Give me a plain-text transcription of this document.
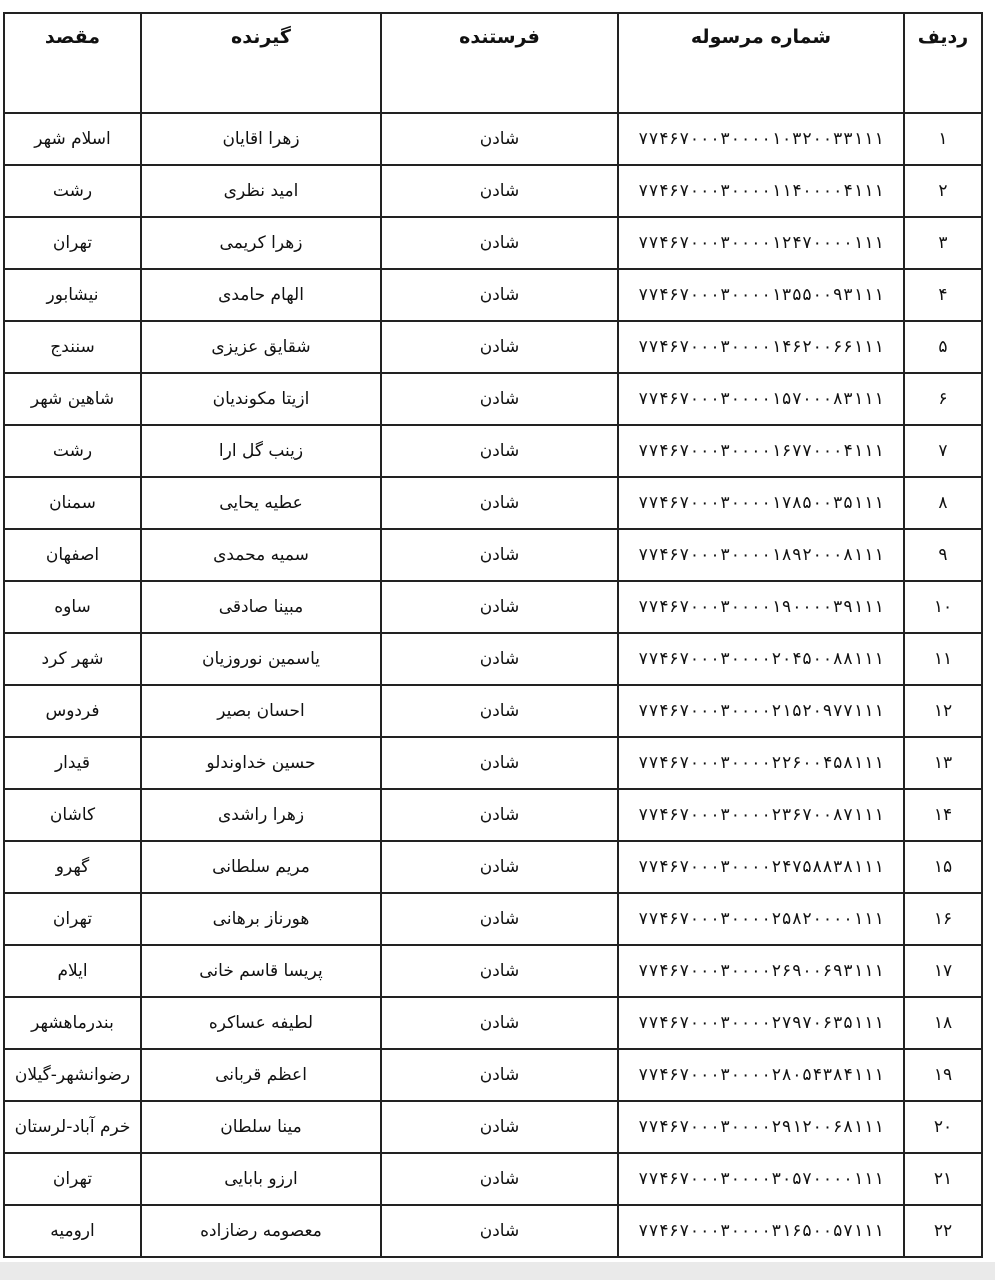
ردیف	شماره مرسوله	فرستنده	گیرنده	مقصد
۱	۷۷۴۶۷۰۰۰۳۰۰۰۰۱۰۳۲۰۰۳۳۱۱۱	شادن	زهرا اقایان	اسلام شهر
۲	۷۷۴۶۷۰۰۰۳۰۰۰۰۱۱۴۰۰۰۰۴۱۱۱	شادن	امید نظری	رشت
۳	۷۷۴۶۷۰۰۰۳۰۰۰۰۱۲۴۷۰۰۰۰۱۱۱	شادن	زهرا کریمی	تهران
۴	۷۷۴۶۷۰۰۰۳۰۰۰۰۱۳۵۵۰۰۹۳۱۱۱	شادن	الهام حامدی	نیشابور
۵	۷۷۴۶۷۰۰۰۳۰۰۰۰۱۴۶۲۰۰۶۶۱۱۱	شادن	شقایق عزیزی	سنندج
۶	۷۷۴۶۷۰۰۰۳۰۰۰۰۱۵۷۰۰۰۸۳۱۱۱	شادن	ازیتا مکوندیان	شاهین شهر
۷	۷۷۴۶۷۰۰۰۳۰۰۰۰۱۶۷۷۰۰۰۴۱۱۱	شادن	زینب گل ارا	رشت
۸	۷۷۴۶۷۰۰۰۳۰۰۰۰۱۷۸۵۰۰۳۵۱۱۱	شادن	عطیه یحایی	سمنان
۹	۷۷۴۶۷۰۰۰۳۰۰۰۰۱۸۹۲۰۰۰۸۱۱۱	شادن	سمیه محمدی	اصفهان
۱۰	۷۷۴۶۷۰۰۰۳۰۰۰۰۱۹۰۰۰۰۳۹۱۱۱	شادن	مبینا صادقی	ساوه
۱۱	۷۷۴۶۷۰۰۰۳۰۰۰۰۲۰۴۵۰۰۸۸۱۱۱	شادن	یاسمین نوروزیان	شهر کرد
۱۲	۷۷۴۶۷۰۰۰۳۰۰۰۰۲۱۵۲۰۹۷۷۱۱۱	شادن	احسان بصیر	فردوس
۱۳	۷۷۴۶۷۰۰۰۳۰۰۰۰۲۲۶۰۰۴۵۸۱۱۱	شادن	حسین خداوندلو	قیدار
۱۴	۷۷۴۶۷۰۰۰۳۰۰۰۰۲۳۶۷۰۰۸۷۱۱۱	شادن	زهرا راشدی	کاشان
۱۵	۷۷۴۶۷۰۰۰۳۰۰۰۰۲۴۷۵۸۸۳۸۱۱۱	شادن	مریم سلطانی	گهرو
۱۶	۷۷۴۶۷۰۰۰۳۰۰۰۰۲۵۸۲۰۰۰۰۱۱۱	شادن	هورناز برهانی	تهران
۱۷	۷۷۴۶۷۰۰۰۳۰۰۰۰۲۶۹۰۰۶۹۳۱۱۱	شادن	پریسا قاسم خانی	ایلام
۱۸	۷۷۴۶۷۰۰۰۳۰۰۰۰۲۷۹۷۰۶۳۵۱۱۱	شادن	لطیفه عساکره	بندرماهشهر
۱۹	۷۷۴۶۷۰۰۰۳۰۰۰۰۲۸۰۵۴۳۸۴۱۱۱	شادن	اعظم قربانی	رضوانشهر-گیلان
۲۰	۷۷۴۶۷۰۰۰۳۰۰۰۰۲۹۱۲۰۰۶۸۱۱۱	شادن	مینا سلطان	خرم آباد-لرستان
۲۱	۷۷۴۶۷۰۰۰۳۰۰۰۰۳۰۵۷۰۰۰۰۱۱۱	شادن	ارزو بابایی	تهران
۲۲	۷۷۴۶۷۰۰۰۳۰۰۰۰۳۱۶۵۰۰۵۷۱۱۱	شادن	معصومه رضازاده	ارومیه
